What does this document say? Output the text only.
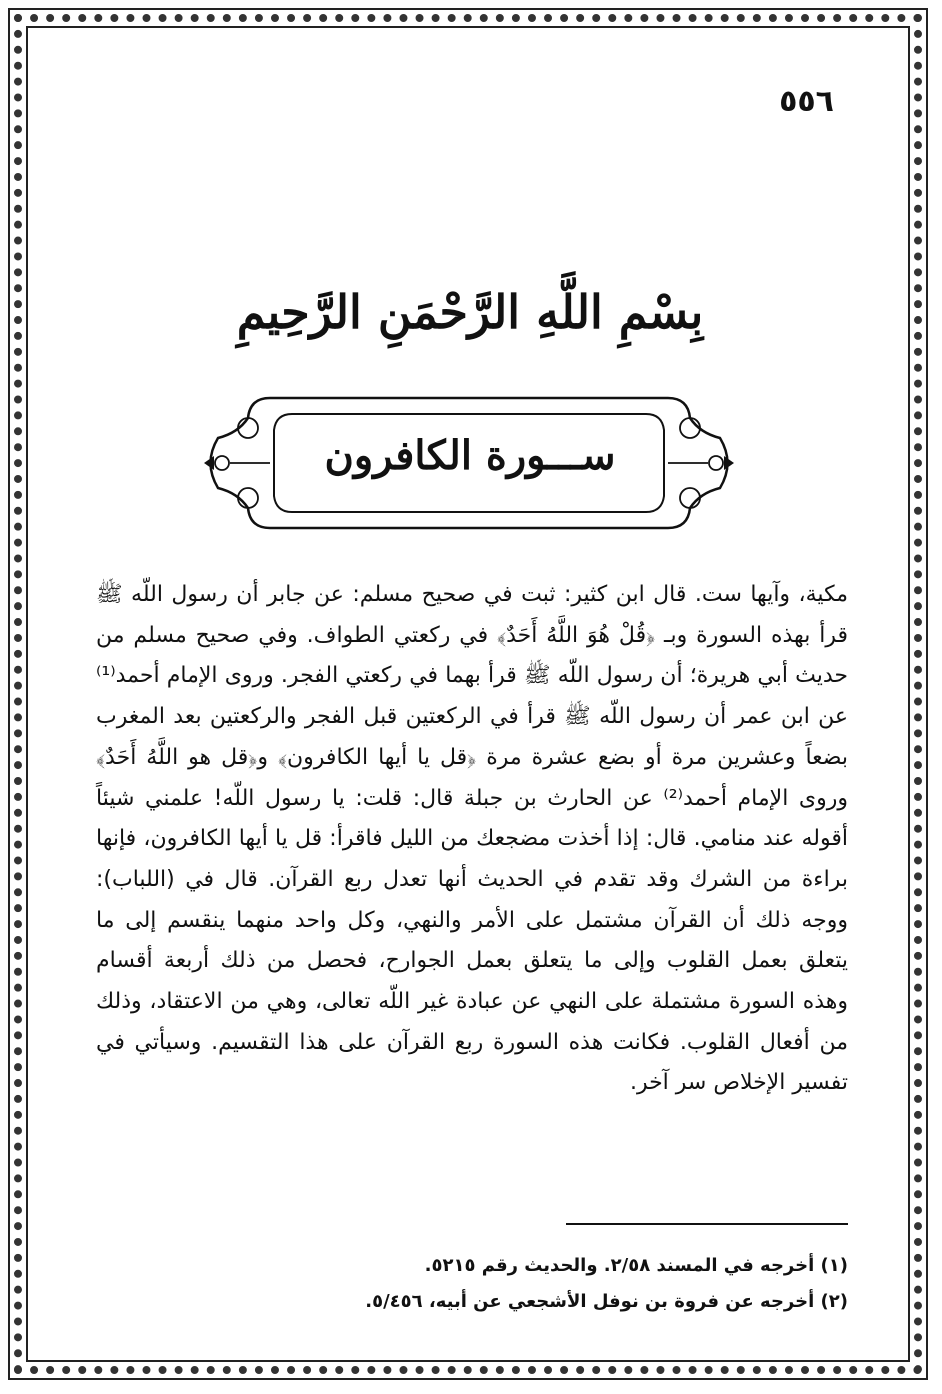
٥٥٦
بِسْمِ اللَّهِ الرَّحْمَنِ الرَّحِيمِ
ســـورة الكافرون
مكية، وآيها ست. قال ابن كثير: ثبت في صحيح مسلم: عن جابر أن رسول اللّه ﷺ قرأ بهذه السورة وبـ ﴿قُلْ هُوَ اللَّهُ أَحَدٌ﴾ في ركعتي الطواف. وفي صحيح مسلم من حديث أبي هريرة؛ أن رسول اللّه ﷺ قرأ بهما في ركعتي الفجر. وروى الإمام أحمد⁽¹⁾ عن ابن عمر أن رسول اللّه ﷺ قرأ في الركعتين قبل الفجر والركعتين بعد المغرب بضعاً وعشرين مرة أو بضع عشرة مرة ﴿قل يا أيها الكافرون﴾ و﴿قل هو اللَّهُ أَحَدٌ﴾ وروى الإمام أحمد⁽²⁾ عن الحارث بن جبلة قال: قلت: يا رسول اللّه! علمني شيئاً أقوله عند منامي. قال: إذا أخذت مضجعك من الليل فاقرأ: قل يا أيها الكافرون، فإنها براءة من الشرك وقد تقدم في الحديث أنها تعدل ربع القرآن. قال في (اللباب): ووجه ذلك أن القرآن مشتمل على الأمر والنهي، وكل واحد منهما ينقسم إلى ما يتعلق بعمل القلوب وإلى ما يتعلق بعمل الجوارح، فحصل من ذلك أربعة أقسام وهذه السورة مشتملة على النهي عن عبادة غير اللّه تعالى، وهي من الاعتقاد، وذلك من أفعال القلوب. فكانت هذه السورة ربع القرآن على هذا التقسيم. وسيأتي في تفسير الإخلاص سر آخر.
(١) أخرجه في المسند ٢/٥٨. والحديث رقم ٥٢١٥.
(٢) أخرجه عن فروة بن نوفل الأشجعي عن أبيه، ٥/٤٥٦.
